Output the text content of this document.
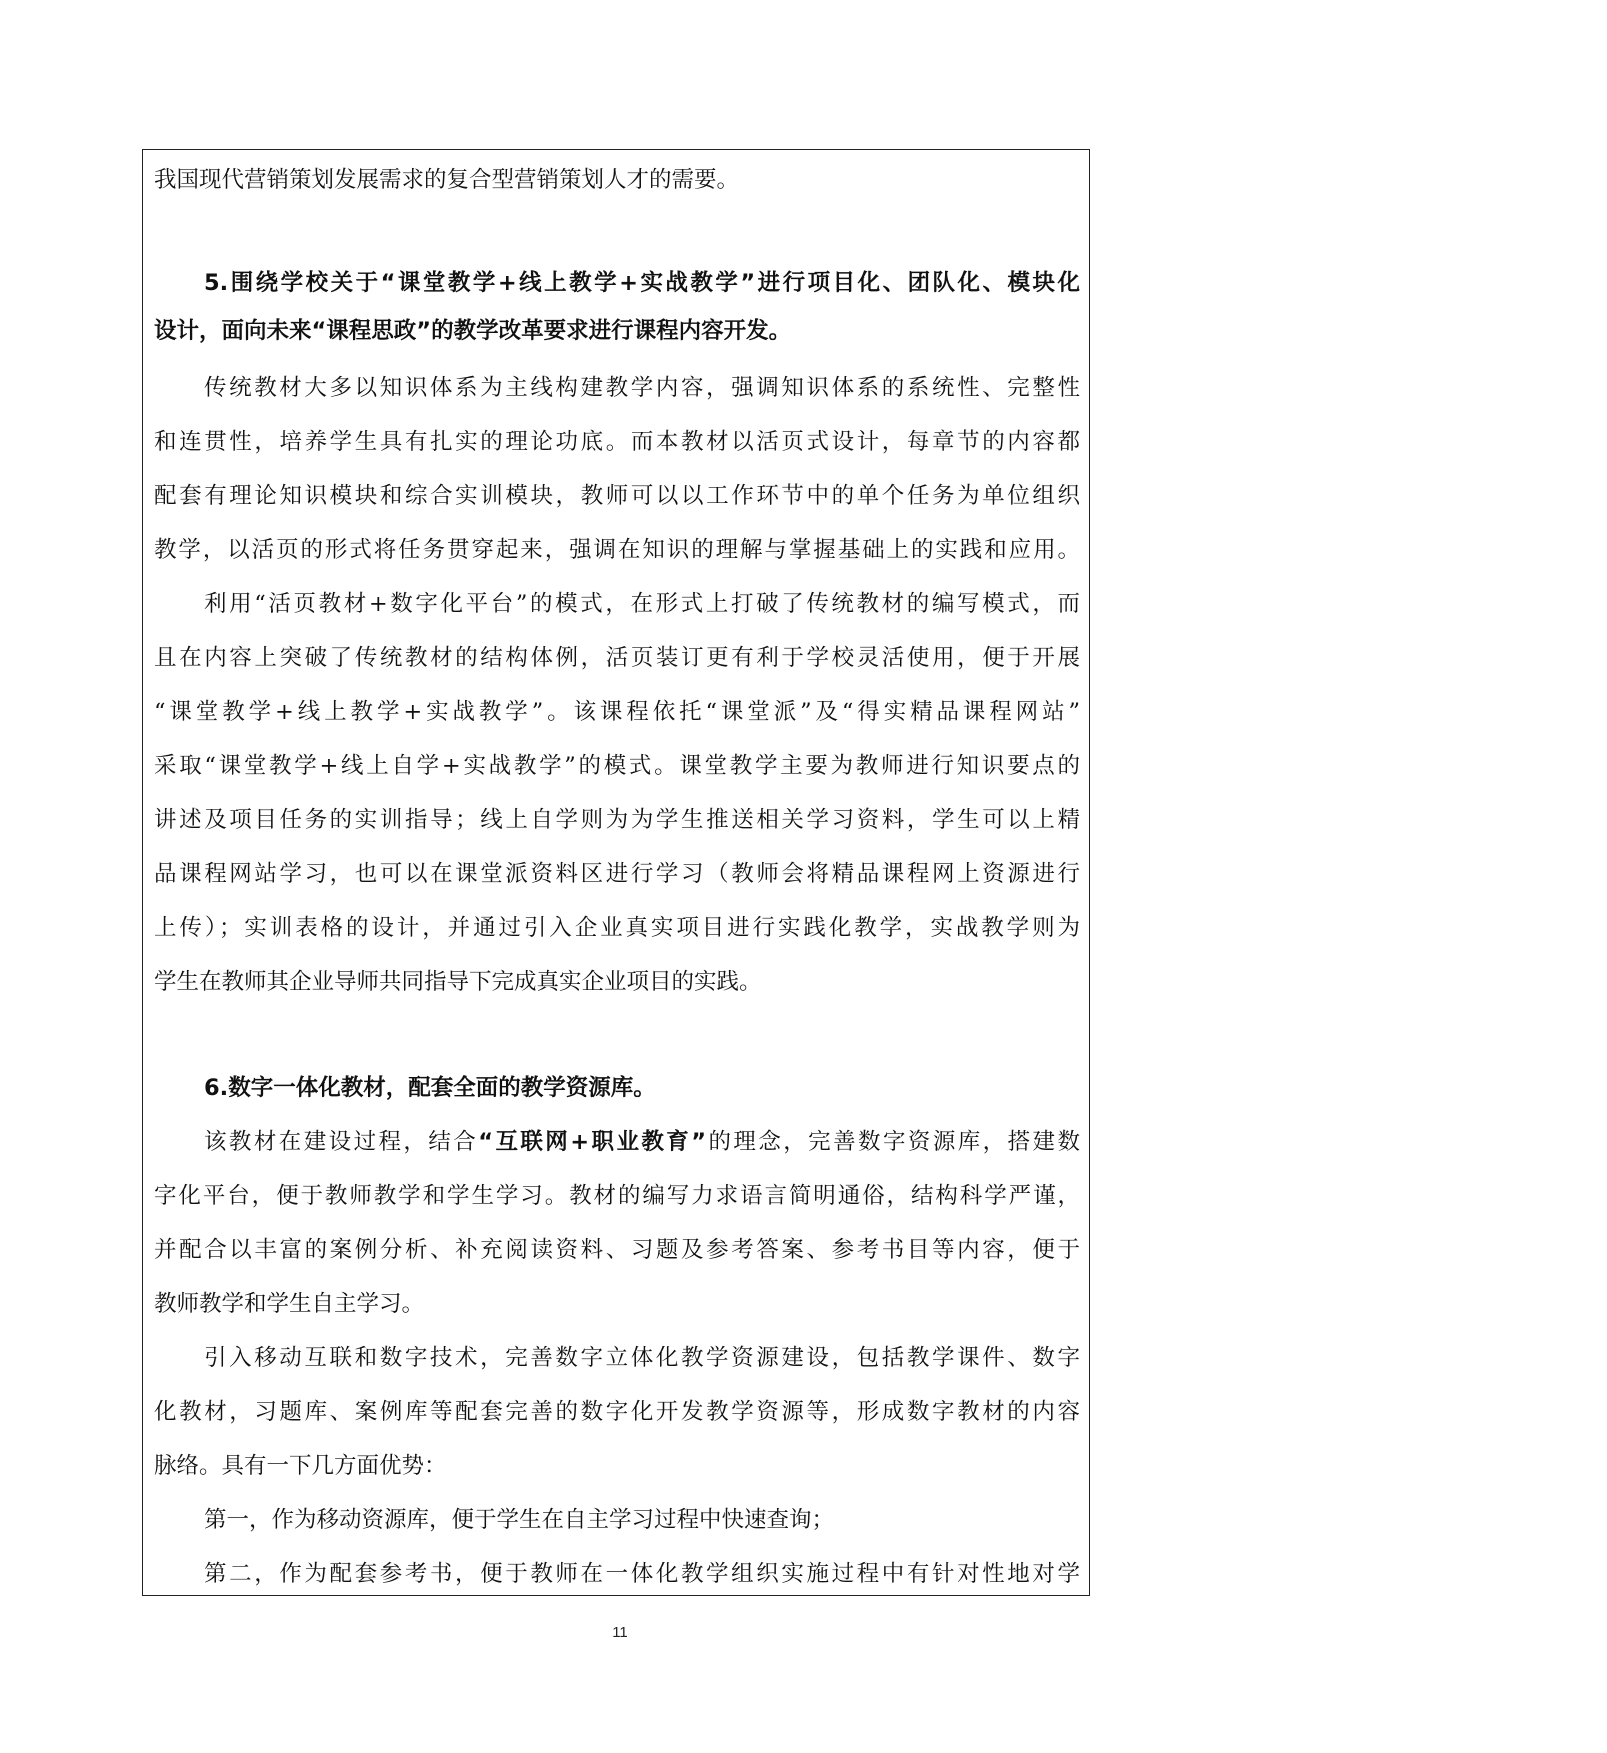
我国现代营销策划发展需求的复合型营销策划人才的需要。
5.围绕学校关于“课堂教学+线上教学+实战教学”进行项目化、团队化、模块化
设计，面向未来“课程思政”的教学改革要求进行课程内容开发。
传统教材大多以知识体系为主线构建教学内容，强调知识体系的系统性、完整性
和连贯性，培养学生具有扎实的理论功底。而本教材以活页式设计，每章节的内容都
配套有理论知识模块和综合实训模块，教师可以以工作环节中的单个任务为单位组织
教学，以活页的形式将任务贯穿起来，强调在知识的理解与掌握基础上的实践和应用。
利用“活页教材+数字化平台”的模式，在形式上打破了传统教材的编写模式，而
且在内容上突破了传统教材的结构体例，活页装订更有利于学校灵活使用，便于开展
“课堂教学+线上教学+实战教学”。该课程依托“课堂派”及“得实精品课程网站”
采取“课堂教学+线上自学+实战教学”的模式。课堂教学主要为教师进行知识要点的
讲述及项目任务的实训指导；线上自学则为为学生推送相关学习资料，学生可以上精
品课程网站学习，也可以在课堂派资料区进行学习（教师会将精品课程网上资源进行
上传）；实训表格的设计，并通过引入企业真实项目进行实践化教学，实战教学则为
学生在教师其企业导师共同指导下完成真实企业项目的实践。
6.数字一体化教材，配套全面的教学资源库。
该教材在建设过程，结合“互联网+职业教育”的理念，完善数字资源库，搭建数
字化平台，便于教师教学和学生学习。教材的编写力求语言简明通俗，结构科学严谨，
并配合以丰富的案例分析、补充阅读资料、习题及参考答案、参考书目等内容，便于
教师教学和学生自主学习。
引入移动互联和数字技术，完善数字立体化教学资源建设，包括教学课件、数字
化教材，习题库、案例库等配套完善的数字化开发教学资源等，形成数字教材的内容
脉络。具有一下几方面优势：
第一，作为移动资源库，便于学生在自主学习过程中快速查询；
第二，作为配套参考书，便于教师在一体化教学组织实施过程中有针对性地对学
11
